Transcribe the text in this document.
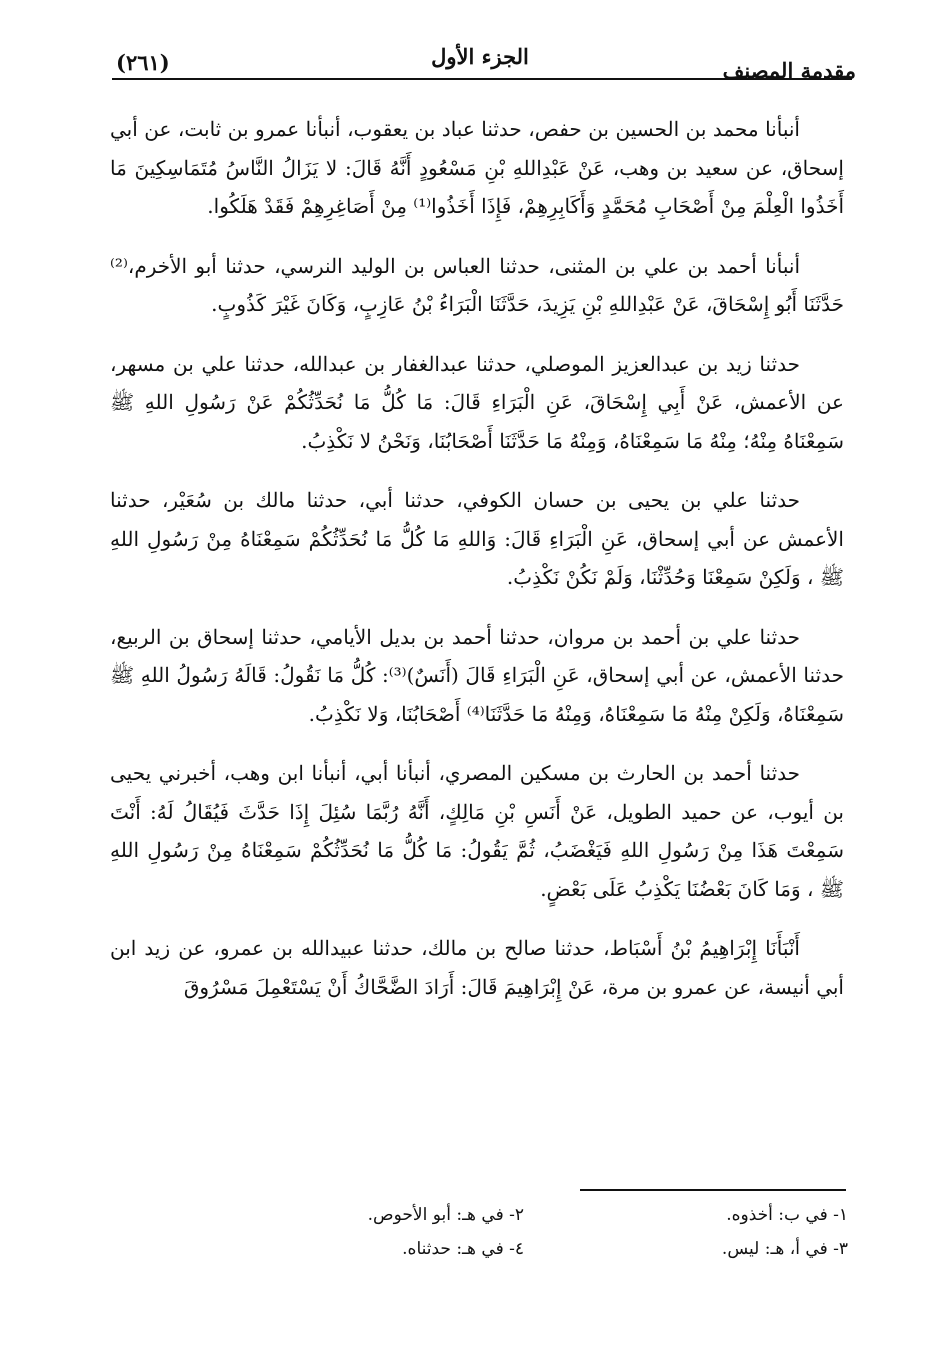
مقدمة المصنف
الجزء الأول
(٢٦١)

أنبأنا محمد بن الحسين بن حفص، حدثنا عباد بن يعقوب، أنبأنا عمرو بن ثابت، عن أبي إسحاق، عن سعيد بن وهب، عَنْ عَبْدِاللهِ بْنِ مَسْعُودٍ أَنَّهُ قَالَ: لا يَزَالُ النَّاسُ مُتَمَاسِكِينَ مَا أَخَذُوا الْعِلْمَ مِنْ أَصْحَابِ مُحَمَّدٍ وَأَكَابِرِهِمْ، فَإِذَا أَخَذُوا⁽¹⁾ مِنْ أَصَاغِرِهِمْ فَقَدْ هَلَكُوا.

أنبأنا أحمد بن علي بن المثنى، حدثنا العباس بن الوليد النرسي، حدثنا أبو الأخرم،⁽²⁾ حَدَّثَنَا أَبُو إِسْحَاقَ، عَنْ عَبْدِاللهِ بْنِ يَزِيدَ، حَدَّثَنَا الْبَرَاءُ بْنُ عَازِبٍ، وَكَانَ غَيْرَ كَذُوبٍ.

حدثنا زيد بن عبدالعزيز الموصلي، حدثنا عبدالغفار بن عبدالله، حدثنا علي بن مسهر، عن الأعمش، عَنْ أَبِي إِسْحَاقَ، عَنِ الْبَرَاءِ قَالَ: مَا كُلُّ مَا نُحَدِّثُكُمْ عَنْ رَسُولِ اللهِ ﷺ سَمِعْنَاهُ مِنْهُ؛ مِنْهُ مَا سَمِعْنَاهُ، وَمِنْهُ مَا حَدَّثَنَا أَصْحَابُنَا، وَنَحْنُ لا نَكْذِبُ.

حدثنا علي بن يحيى بن حسان الكوفي، حدثنا أبي، حدثنا مالك بن سُعَيْر، حدثنا الأعمش عن أبي إسحاق، عَنِ الْبَرَاءِ قَالَ: وَاللهِ مَا كُلُّ مَا نُحَدِّثُكُمْ سَمِعْنَاهُ مِنْ رَسُولِ اللهِ ﷺ ، وَلَكِنْ سَمِعْنَا وَحُدِّثْنَا، وَلَمْ نَكُنْ نَكْذِبُ.

حدثنا علي بن أحمد بن مروان، حدثنا أحمد بن بديل الأيامي، حدثنا إسحاق بن الربيع، حدثنا الأعمش، عن أبي إسحاق، عَنِ الْبَرَاءِ قَالَ (أَنَسٌ)⁽³⁾: كُلُّ مَا نَقُولُ: قَالَهُ رَسُولُ اللهِ ﷺ سَمِعْنَاهُ، وَلَكِنْ مِنْهُ مَا سَمِعْنَاهُ، وَمِنْهُ مَا حَدَّثَنَا⁽⁴⁾ أَصْحَابُنَا، وَلا نَكْذِبُ.

حدثنا أحمد بن الحارث بن مسكين المصري، أنبأنا أبي، أنبأنا ابن وهب، أخبرني يحيى بن أيوب، عن حميد الطويل، عَنْ أَنَسِ بْنِ مَالِكٍ، أَنَّهُ رُبَّمَا سُئِلَ إِذَا حَدَّثَ فَيُقَالُ لَهُ: أَنْتَ سَمِعْتَ هَذَا مِنْ رَسُولِ اللهِ فَيَغْضَبُ، ثُمَّ يَقُولُ: مَا كُلُّ مَا نُحَدِّثُكُمْ سَمِعْنَاهُ مِنْ رَسُولِ اللهِ ﷺ ، وَمَا كَانَ بَعْضُنَا يَكْذِبُ عَلَى بَعْضٍ.

أَنْبَأَنَا إِبْرَاهِيمُ بْنُ أَسْبَاط، حدثنا صالح بن مالك، حدثنا عبيدالله بن عمرو، عن زيد ابن أبي أنيسة، عن عمرو بن مرة، عَنْ إِبْرَاهِيمَ قَالَ: أَرَادَ الضَّحَّاكُ أَنْ يَسْتَعْمِلَ مَسْرُوقَ

١- في ب: أخذوه.
٢- في هـ: أبو الأحوص.
٣- في أ، هـ: ليس.
٤- في هـ: حدثناه.
